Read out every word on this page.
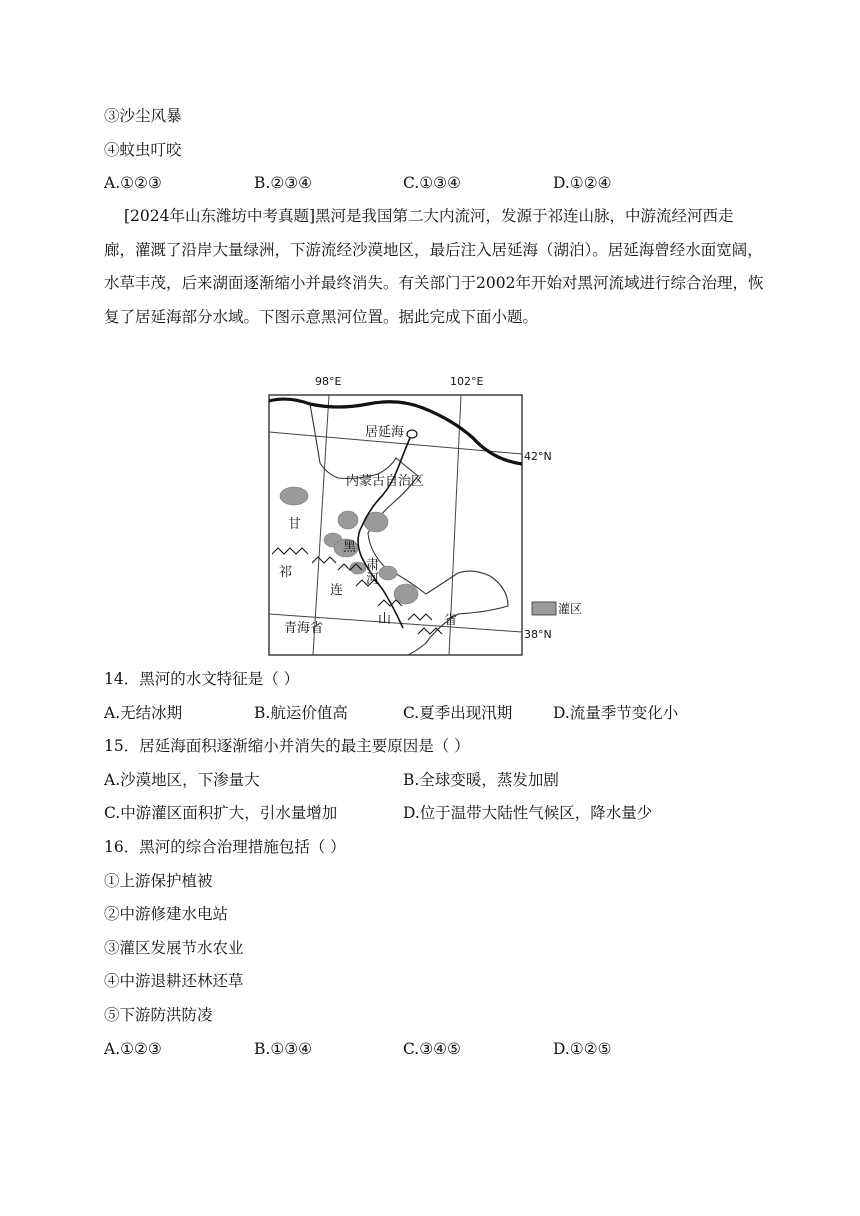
③沙尘风暴
④蚊虫叮咬
A.①②③	B.②③④	C.①③④	D.①②④
[2024年山东潍坊中考真题]黑河是我国第二大内流河，发源于祁连山脉，中游流经河西走廊，灌溉了沿岸大量绿洲，下游流经沙漠地区，最后注入居延海（湖泊）。居延海曾经水面宽阔，水草丰茂，后来湖面逐渐缩小并最终消失。有关部门于2002年开始对黑河流域进行综合治理，恢复了居延海部分水域。下图示意黑河位置。据此完成下面小题。
98°E	102°E
42°N
38°N
居延海
内蒙古自治区
甘
肃
省
祁
连
山
黑
河
青海省
灌区
14．黑河的水文特征是（ ）
A.无结冰期	B.航运价值高	C.夏季出现汛期	D.流量季节变化小
15．居延海面积逐渐缩小并消失的最主要原因是（ ）
A.沙漠地区，下渗量大	B.全球变暖，蒸发加剧
C.中游灌区面积扩大，引水量增加	D.位于温带大陆性气候区，降水量少
16．黑河的综合治理措施包括（ ）
①上游保护植被
②中游修建水电站
③灌区发展节水农业
④中游退耕还林还草
⑤下游防洪防凌
A.①②③	B.①③④	C.③④⑤	D.①②⑤
